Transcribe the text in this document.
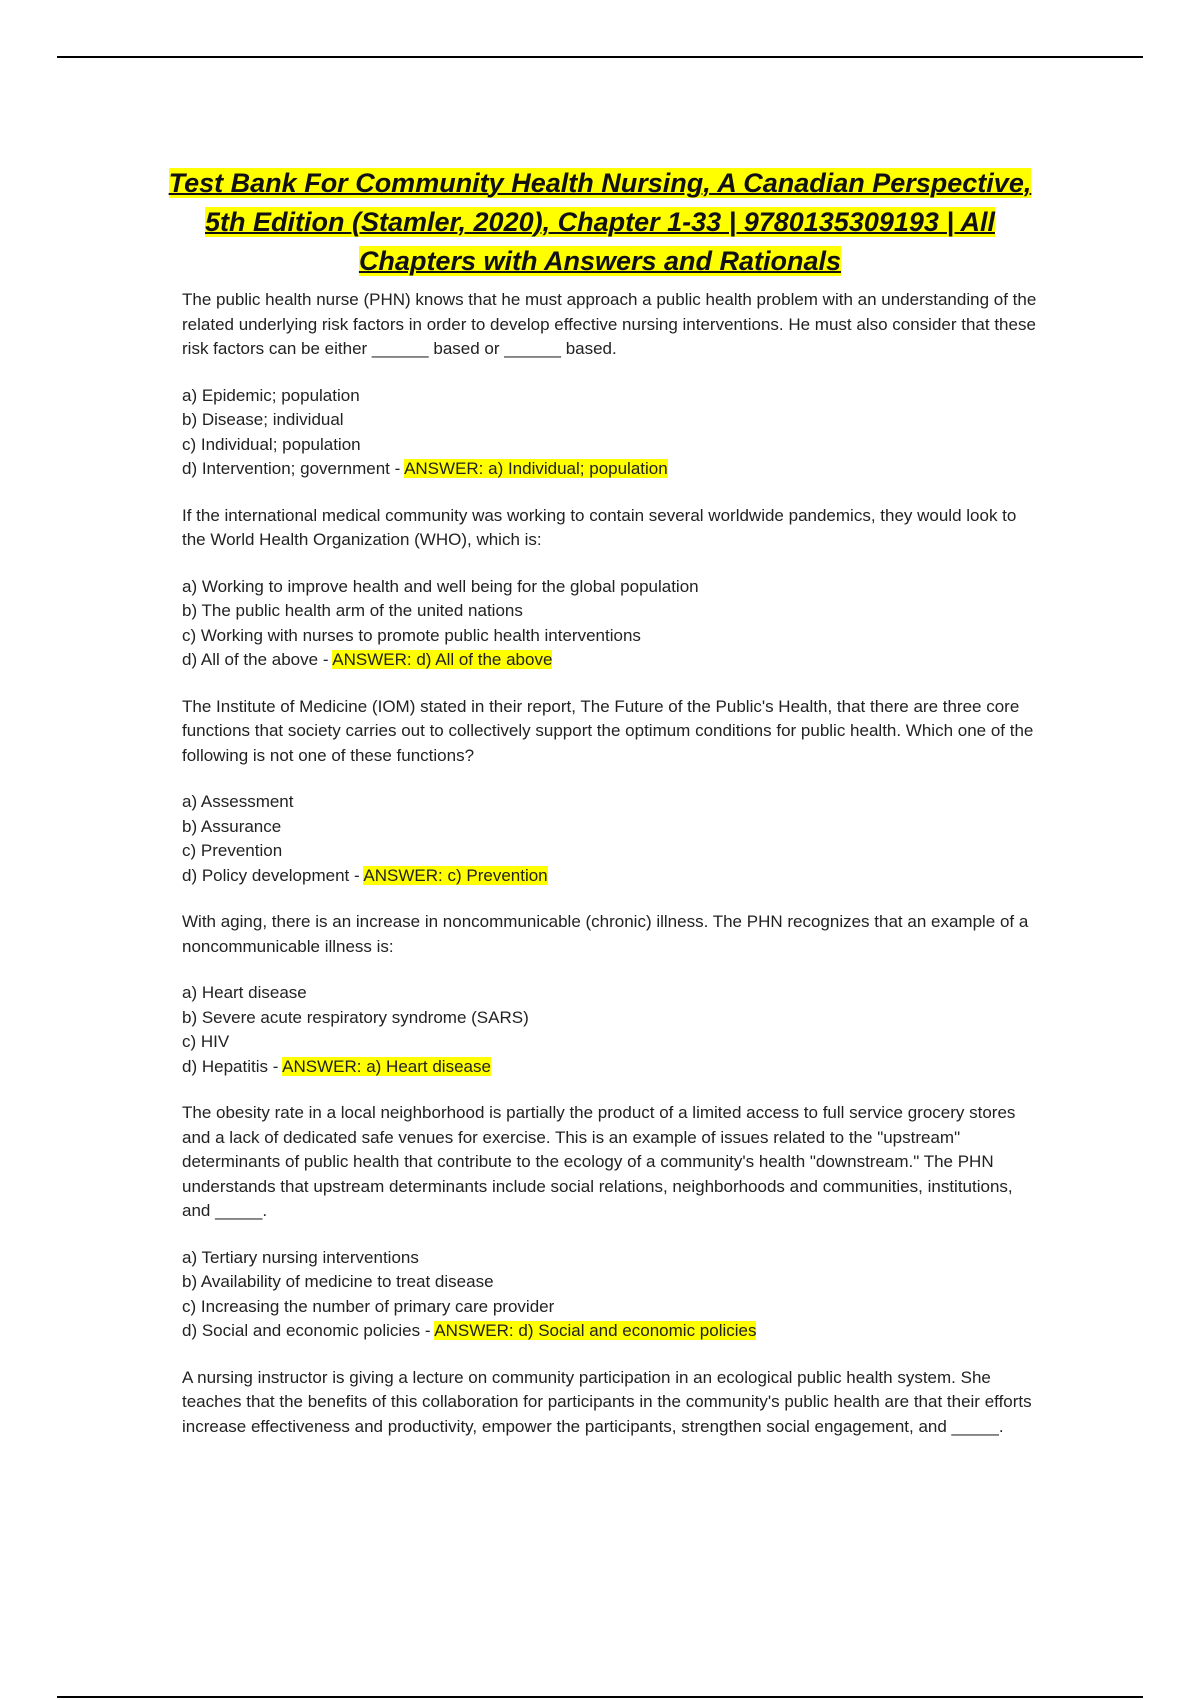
Test Bank For Community Health Nursing, A Canadian Perspective, 5th Edition (Stamler, 2020), Chapter 1-33 | 9780135309193 | All Chapters with Answers and Rationals

The public health nurse (PHN) knows that he must approach a public health problem with an understanding of the related underlying risk factors in order to develop effective nursing interventions. He must also consider that these risk factors can be either ______ based or ______ based.

a) Epidemic; population
b) Disease; individual
c) Individual; population
d) Intervention; government - ANSWER: a) Individual; population

If the international medical community was working to contain several worldwide pandemics, they would look to the World Health Organization (WHO), which is:

a) Working to improve health and well being for the global population
b) The public health arm of the united nations
c) Working with nurses to promote public health interventions
d) All of the above - ANSWER: d) All of the above

The Institute of Medicine (IOM) stated in their report, The Future of the Public's Health, that there are three core functions that society carries out to collectively support the optimum conditions for public health. Which one of the following is not one of these functions?

a) Assessment
b) Assurance
c) Prevention
d) Policy development - ANSWER: c) Prevention

With aging, there is an increase in noncommunicable (chronic) illness. The PHN recognizes that an example of a noncommunicable illness is:

a) Heart disease
b) Severe acute respiratory syndrome (SARS)
c) HIV
d) Hepatitis - ANSWER: a) Heart disease

The obesity rate in a local neighborhood is partially the product of a limited access to full service grocery stores and a lack of dedicated safe venues for exercise. This is an example of issues related to the "upstream" determinants of public health that contribute to the ecology of a community's health "downstream." The PHN understands that upstream determinants include social relations, neighborhoods and communities, institutions, and _____.

a) Tertiary nursing interventions
b) Availability of medicine to treat disease
c) Increasing the number of primary care provider
d) Social and economic policies - ANSWER: d) Social and economic policies

A nursing instructor is giving a lecture on community participation in an ecological public health system. She teaches that the benefits of this collaboration for participants in the community's public health are that their efforts increase effectiveness and productivity, empower the participants, strengthen social engagement, and _____.
